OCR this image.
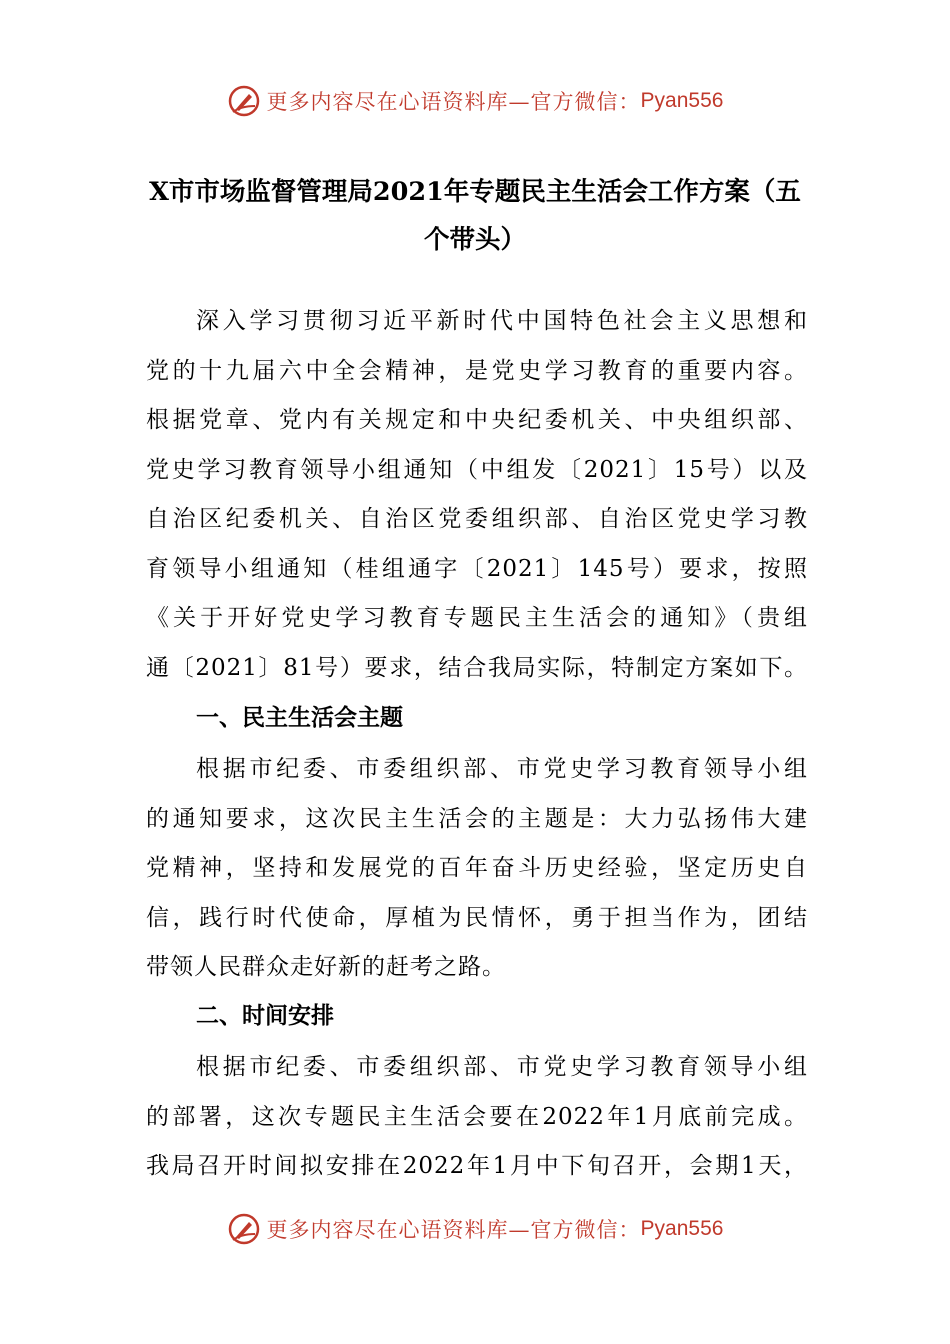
更多内容尽在心语资料库—官方微信： Pyan556
X市市场监督管理局2021年专题民主生活会工作方案（五
个带头）
深入学习贯彻习近平新时代中国特色社会主义思想和
党的十九届六中全会精神，是党史学习教育的重要内容。
根据党章、党内有关规定和中央纪委机关、中央组织部、
党史学习教育领导小组通知（中组发〔2021〕15号）以及
自治区纪委机关、自治区党委组织部、自治区党史学习教
育领导小组通知（桂组通字〔2021〕145号）要求，按照
《关于开好党史学习教育专题民主生活会的通知》（贵组
通〔2021〕81号）要求，结合我局实际，特制定方案如下。
一、民主生活会主题
根据市纪委、市委组织部、市党史学习教育领导小组
的通知要求，这次民主生活会的主题是：大力弘扬伟大建
党精神，坚持和发展党的百年奋斗历史经验，坚定历史自
信，践行时代使命，厚植为民情怀，勇于担当作为，团结
带领人民群众走好新的赶考之路。
二、时间安排
根据市纪委、市委组织部、市党史学习教育领导小组
的部署，这次专题民主生活会要在2022年1月底前完成。
我局召开时间拟安排在2022年1月中下旬召开，会期1天，
更多内容尽在心语资料库—官方微信： Pyan556
